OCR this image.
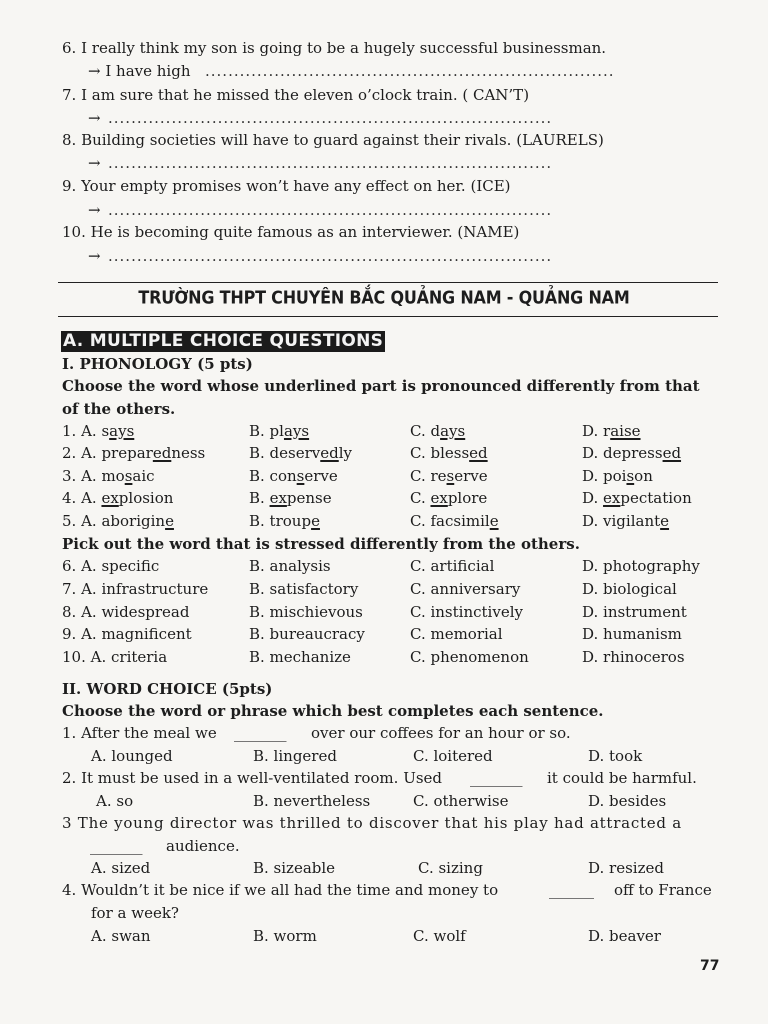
6. I really think my son is going to be a hugely successful businessman.
→ I have high .......................................................................
7. I am sure that he missed the eleven o’clock train. ( CAN’T)
→ .............................................................................
8. Building societies will have to guard against their rivals. (LAURELS)
→ .............................................................................
9. Your empty promises won’t have any effect on her. (ICE)
→ .............................................................................
10. He is becoming quite famous as an interviewer. (NAME)
→ .............................................................................
TRƯỜNG THPT CHUYÊN BẮC QUẢNG NAM - QUẢNG NAM
A. MULTIPLE CHOICE QUESTIONS
I. PHONOLOGY (5 pts)
Choose the word whose underlined part is pronounced differently from that
of the others.
1. A. says	B. plays	C. days	D. raise
2. A. preparedness	B. deservedly	C. blessed	D. depressed
3. A. mosaic	B. conserve	C. reserve	D. poison
4. A. explosion	B. expense	C. explore	D. expectation
5. A. aborigine	B. troupe	C. facsimile	D. vigilante
Pick out the word that is stressed differently from the others.
6. A. specific	B. analysis	C. artificial	D. photography
7. A. infrastructure	B. satisfactory	C. anniversary	D. biological
8. A. widespread	B. mischievous	C. instinctively	D. instrument
9. A. magnificent	B. bureaucracy	C. memorial	D. humanism
10. A. criteria	B. mechanize	C. phenomenon	D. rhinoceros
II. WORD CHOICE (5pts)
Choose the word or phrase which best completes each sentence.
1. After the meal we _______ over our coffees for an hour or so.
A. lounged	B. lingered	C. loitered	D. took
2. It must be used in a well-ventilated room. Used _______ it could be harmful.
A. so	B. nevertheless	C. otherwise	D. besides
3 The young director was thrilled to discover that his play had attracted a
_______ audience.
A. sized	B. sizeable	C. sizing	D. resized
4. Wouldn’t it be nice if we all had the time and money to	______ off to France
for a week?
A. swan	B. worm	C. wolf	D. beaver
77
